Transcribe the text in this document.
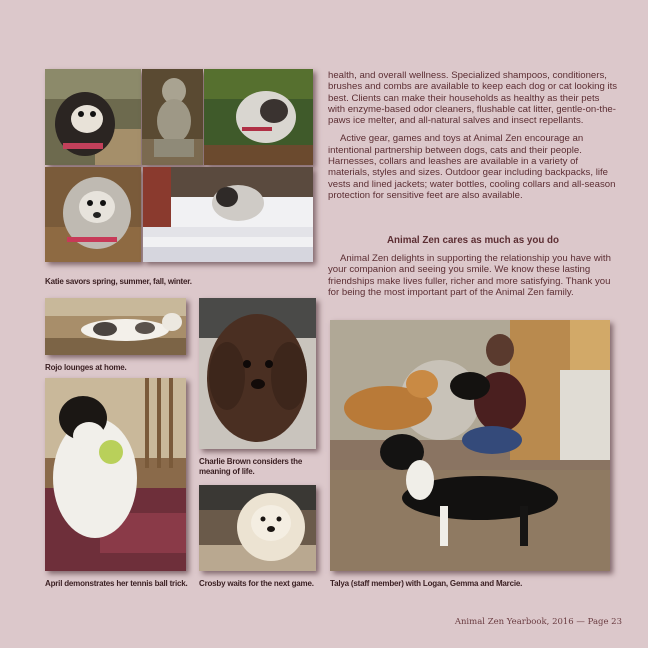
Katie savors spring, summer, fall, winter.
Rojo lounges at home.
Charlie Brown considers the meaning of life.
April demonstrates her tennis ball trick.	Crosby waits for the next game.	Talya (staff member) with Logan, Gemma and Marcie.

health, and overall wellness. Specialized shampoos, conditioners, brushes and combs are available to keep each dog or cat looking its best. Clients can make their households as healthy as their pets with enzyme-based odor cleaners, flushable cat litter, gentle-on-the-paws ice melter, and all-natural salves and insect repellants.

Active gear, games and toys at Animal Zen encourage an intentional partnership between dogs, cats and their people. Harnesses, collars and leashes are available in a variety of materials, styles and sizes. Outdoor gear including backpacks, life vests and lined jackets; water bottles, cooling collars and all-season protection for sensitive feet are also available.

Animal Zen cares as much as you do

Animal Zen delights in supporting the relationship you have with your companion and seeing you smile. We know these lasting friendships make lives fuller, richer and more satisfying. Thank you for being the most important part of the Animal Zen family.

Animal Zen Yearbook, 2016 — Page 23
